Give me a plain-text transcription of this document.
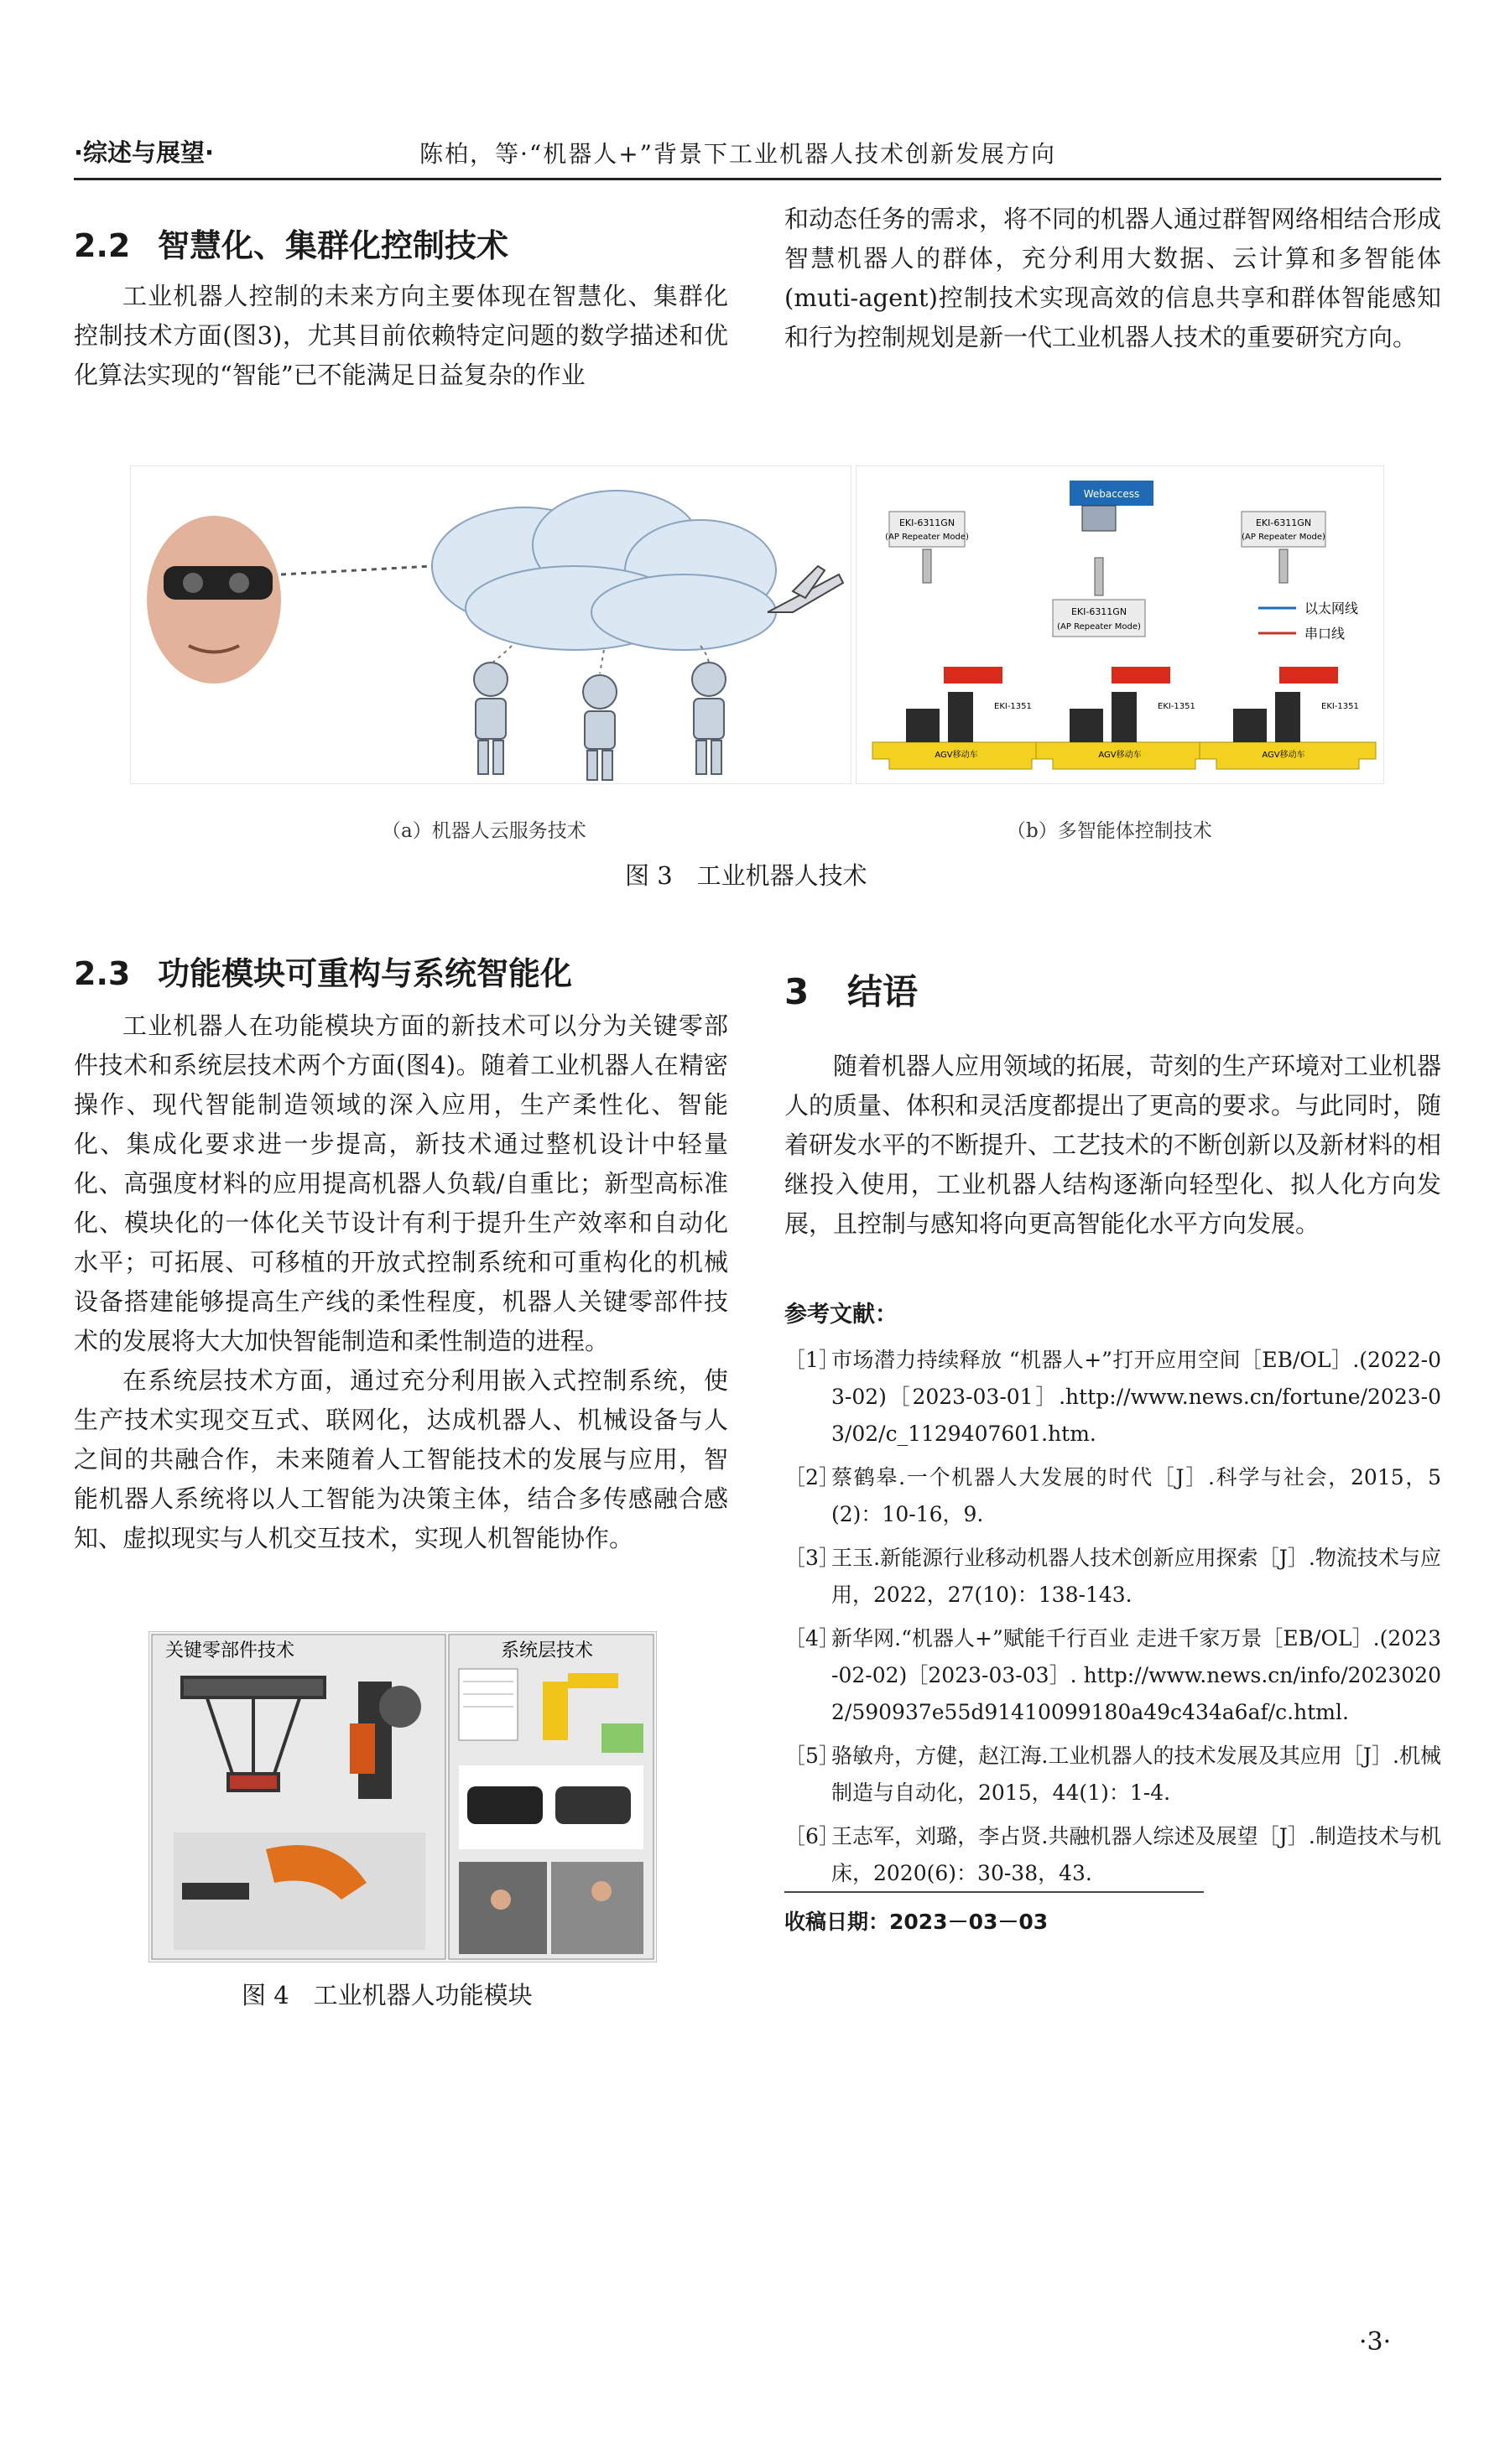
·综述与展望·	陈柏，等·“机器人+”背景下工业机器人技术创新发展方向
2.2 智慧化、集群化控制技术

工业机器人控制的未来方向主要体现在智慧化、集群化控制技术方面(图3)，尤其目前依赖特定问题的数学描述和优化算法实现的“智能”已不能满足日益复杂的作业

和动态任务的需求，将不同的机器人通过群智网络相结合形成智慧机器人的群体，充分利用大数据、云计算和多智能体(muti-agent)控制技术实现高效的信息共享和群体智能感知和行为控制规划是新一代工业机器人技术的重要研究方向。

Webaccess
EKI-6311GN
(AP Repeater Mode)
EKI-6311GN
(AP Repeater Mode)
EKI-6311GN
(AP Repeater Mode)
以太网线
串口线
EKI-1351	EKI-1351	EKI-1351
AGV移动车	AGV移动车	AGV移动车
（a）机器人云服务技术	（b）多智能体控制技术
图 3　工业机器人技术
2.3 功能模块可重构与系统智能化

工业机器人在功能模块方面的新技术可以分为关键零部件技术和系统层技术两个方面(图4)。随着工业机器人在精密操作、现代智能制造领域的深入应用，生产柔性化、智能化、集成化要求进一步提高，新技术通过整机设计中轻量化、高强度材料的应用提高机器人负载/自重比；新型高标准化、模块化的一体化关节设计有利于提升生产效率和自动化水平；可拓展、可移植的开放式控制系统和可重构化的机械设备搭建能够提高生产线的柔性程度，机器人关键零部件技术的发展将大大加快智能制造和柔性制造的进程。

在系统层技术方面，通过充分利用嵌入式控制系统，使生产技术实现交互式、联网化，达成机器人、机械设备与人之间的共融合作，未来随着人工智能技术的发展与应用，智能机器人系统将以人工智能为决策主体，结合多传感融合感知、虚拟现实与人机交互技术，实现人机智能协作。

关键零部件技术	系统层技术
图 4　工业机器人功能模块
3 结语

随着机器人应用领域的拓展，苛刻的生产环境对工业机器人的质量、体积和灵活度都提出了更高的要求。与此同时，随着研发水平的不断提升、工艺技术的不断创新以及新材料的相继投入使用，工业机器人结构逐渐向轻型化、拟人化方向发展，且控制与感知将向更高智能化水平方向发展。

参考文献：
［1］
市场潜力持续释放 “机器人+”打开应用空间［EB/OL］.(2022-03-02)［2023-03-01］.http://www.news.cn/fortune/2023-03/02/c_1129407601.htm.
［2］
蔡鹤皋.一个机器人大发展的时代［J］.科学与社会，2015，5(2)：10-16，9.
［3］
王玉.新能源行业移动机器人技术创新应用探索［J］.物流技术与应用，2022，27(10)：138-143.
［4］
新华网.“机器人+”赋能千行百业 走进千家万景［EB/OL］.(2023-02-02)［2023-03-03］. http://www.news.cn/info/20230202/590937e55d91410099180a49c434a6af/c.html.
［5］
骆敏舟，方健，赵江海.工业机器人的技术发展及其应用［J］.机械制造与自动化，2015，44(1)：1-4.
［6］
王志军，刘璐，李占贤.共融机器人综述及展望［J］.制造技术与机床，2020(6)：30-38，43.
收稿日期：2023－03－03
·3·
